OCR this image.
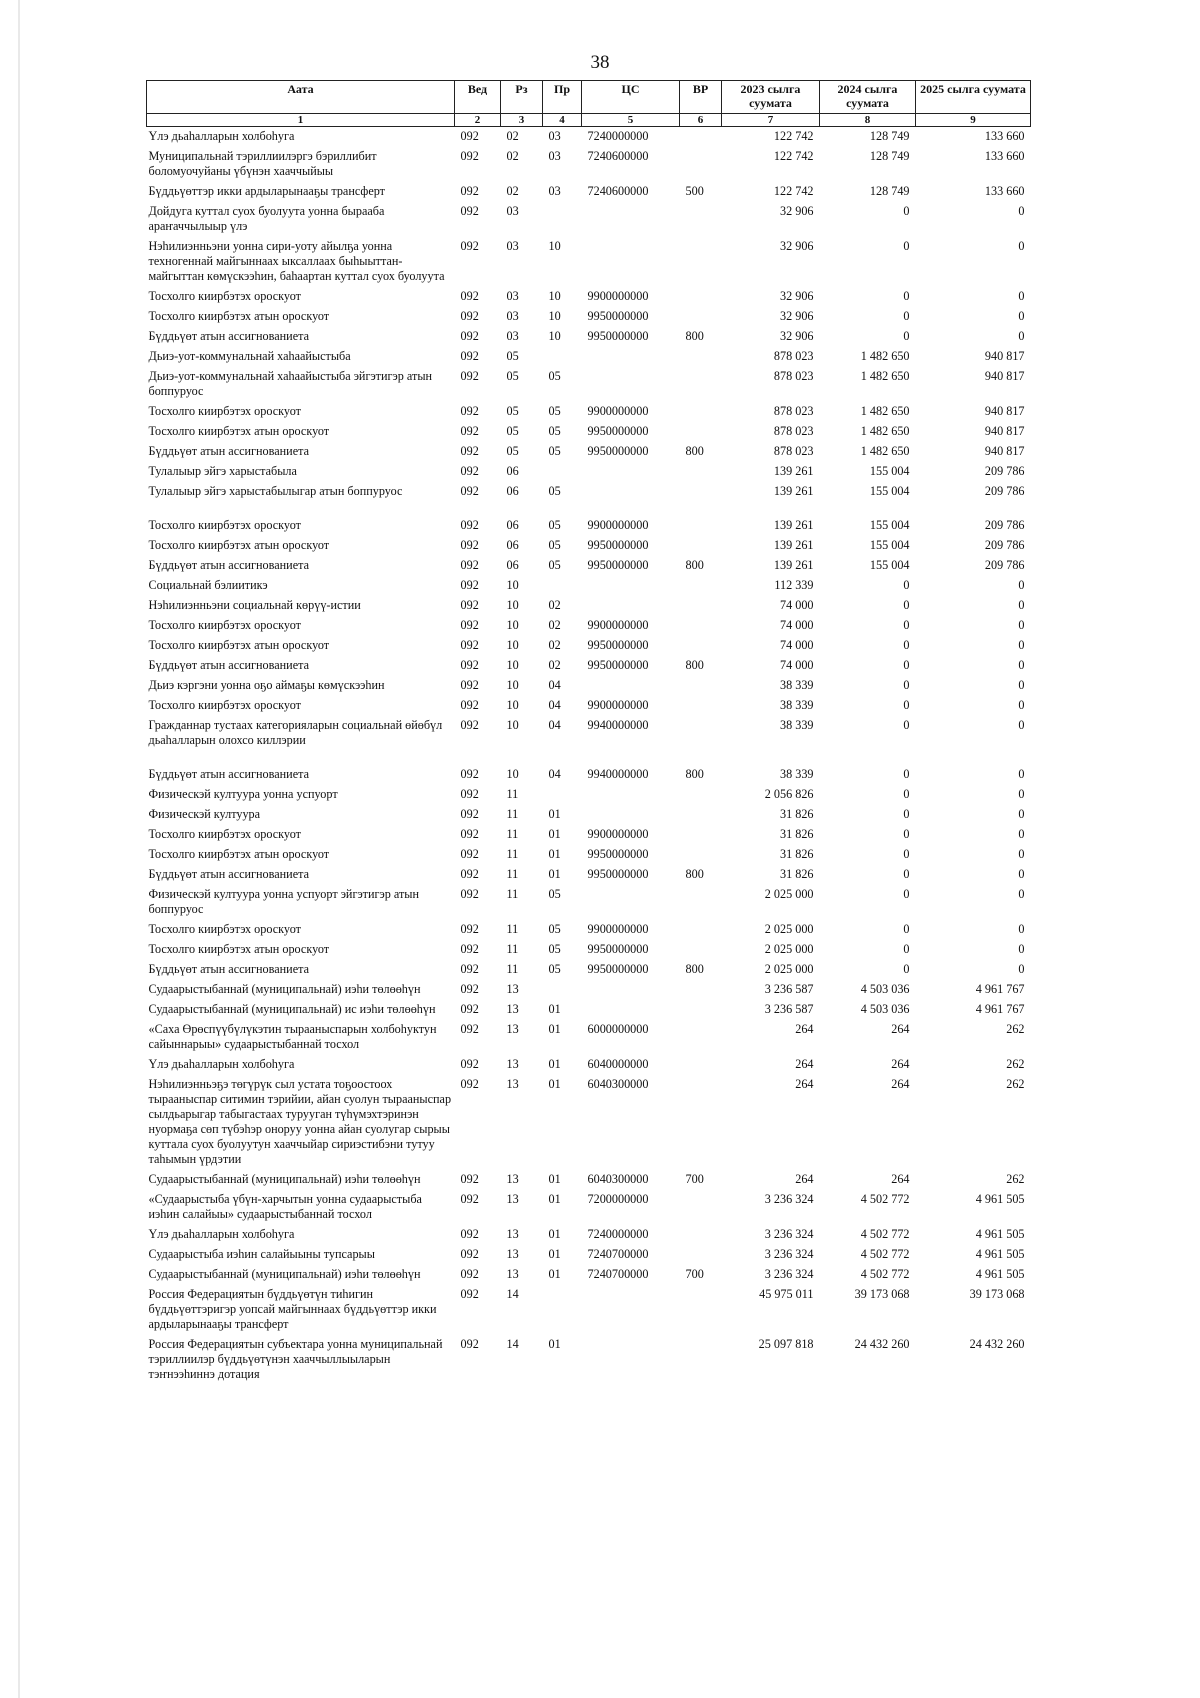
38
Аата	Вед	Рз	Пр	ЦС	ВР	2023 сылга суумата	2024 сылга суумата	2025 сылга суумата
1	2	3	4	5	6	7	8	9
Үлэ дьаһалларын холбоһуга	092	02	03	7240000000		122 742	128 749	133 660
Муниципальнай тэриллиилэргэ бэриллибит боломуочуйаны үбүнэн хааччыйыы	092	02	03	7240600000		122 742	128 749	133 660
Бүддьүөттэр икки ардыларынааҕы трансферт	092	02	03	7240600000	500	122 742	128 749	133 660
Дойдуга куттал суох буолуута уонна бырааба араҥаччылыыр үлэ	092	03				32 906	0	0
Нэһилиэнньэни уонна сири-уоту айылҕа уонна техногеннай майгыннаах ыксаллаах быһыыттан-майгыттан көмүскээһин, баһаартан куттал суох буолуута	092	03	10			32 906	0	0
Тосхолго киирбэтэх ороскуот	092	03	10	9900000000		32 906	0	0
Тосхолго киирбэтэх атын ороскуот	092	03	10	9950000000		32 906	0	0
Бүддьүөт атын ассигнованиета	092	03	10	9950000000	800	32 906	0	0
Дьиэ-уот-коммунальнай хаһаайыстыба	092	05				878 023	1 482 650	940 817
Дьиэ-уот-коммунальнай хаһаайыстыба эйгэтигэр атын боппуруос	092	05	05			878 023	1 482 650	940 817
Тосхолго киирбэтэх ороскуот	092	05	05	9900000000		878 023	1 482 650	940 817
Тосхолго киирбэтэх атын ороскуот	092	05	05	9950000000		878 023	1 482 650	940 817
Бүддьүөт атын ассигнованиета	092	05	05	9950000000	800	878 023	1 482 650	940 817
Тулалыыр эйгэ харыстабыла	092	06				139 261	155 004	209 786
Тулалыыр эйгэ харыстабылыгар атын боппуруос	092	06	05			139 261	155 004	209 786

Тосхолго киирбэтэх ороскуот	092	06	05	9900000000		139 261	155 004	209 786
Тосхолго киирбэтэх атын ороскуот	092	06	05	9950000000		139 261	155 004	209 786
Бүддьүөт атын ассигнованиета	092	06	05	9950000000	800	139 261	155 004	209 786
Социальнай бэлиитикэ	092	10				112 339	0	0
Нэһилиэнньэни социальнай көрүү-истии	092	10	02			74 000	0	0
Тосхолго киирбэтэх ороскуот	092	10	02	9900000000		74 000	0	0
Тосхолго киирбэтэх атын ороскуот	092	10	02	9950000000		74 000	0	0
Бүддьүөт атын ассигнованиета	092	10	02	9950000000	800	74 000	0	0
Дьиэ кэргэни уонна оҕо аймаҕы көмүскээһин	092	10	04			38 339	0	0
Тосхолго киирбэтэх ороскуот	092	10	04	9900000000		38 339	0	0
Гражданнар тустаах категорияларын социальнай өйөбүл дьаһалларын олохсо киллэрии	092	10	04	9940000000		38 339	0	0

Бүддьүөт атын ассигнованиета	092	10	04	9940000000	800	38 339	0	0
Физическэй култуура уонна успуорт	092	11				2 056 826	0	0
Физическэй култуура	092	11	01			31 826	0	0
Тосхолго киирбэтэх ороскуот	092	11	01	9900000000		31 826	0	0
Тосхолго киирбэтэх атын ороскуот	092	11	01	9950000000		31 826	0	0
Бүддьүөт атын ассигнованиета	092	11	01	9950000000	800	31 826	0	0
Физическэй култуура уонна успуорт эйгэтигэр атын боппуруос	092	11	05			2 025 000	0	0
Тосхолго киирбэтэх ороскуот	092	11	05	9900000000		2 025 000	0	0
Тосхолго киирбэтэх атын ороскуот	092	11	05	9950000000		2 025 000	0	0
Бүддьүөт атын ассигнованиета	092	11	05	9950000000	800	2 025 000	0	0
Судаарыстыбаннай (муниципальнай) иэһи төлөөһүн	092	13				3 236 587	4 503 036	4 961 767
Судаарыстыбаннай (муниципальнай) ис иэһи төлөөһүн	092	13	01			3 236 587	4 503 036	4 961 767
«Саха Өрөспүүбүлүкэтин тырааныспарын холбоһуктун сайыннарыы» судаарыстыбаннай тосхол	092	13	01	6000000000		264	264	262
Үлэ дьаһалларын холбоһуга	092	13	01	6040000000		264	264	262
Нэһилиэнньэҕэ төгүрүк сыл устата тоҕоостоох тырааныспар ситимин тэрийии, айан суолун тырааныспар сылдьарыгар табыгастаах турууган түһүмэхтэринэн нуормаҕа сөп түбэһэр оноруу уонна айан суолугар сырыы куттала суох буолуутун хааччыйар сириэстибэни тутуу таһымын үрдэтии	092	13	01	6040300000		264	264	262
Судаарыстыбаннай (муниципальнай) иэһи төлөөһүн	092	13	01	6040300000	700	264	264	262
«Судаарыстыба үбүн-харчытын уонна судаарыстыба иэһин салайыы» судаарыстыбаннай тосхол	092	13	01	7200000000		3 236 324	4 502 772	4 961 505
Үлэ дьаһалларын холбоһуга	092	13	01	7240000000		3 236 324	4 502 772	4 961 505
Судаарыстыба иэһин салайыыны тупсарыы	092	13	01	7240700000		3 236 324	4 502 772	4 961 505
Судаарыстыбаннай (муниципальнай) иэһи төлөөһүн	092	13	01	7240700000	700	3 236 324	4 502 772	4 961 505
Россия Федерациятын бүддьүөтүн тиһигин бүддьүөттэригэр уопсай майгыннаах бүддьүөттэр икки ардыларынааҕы трансферт	092	14				45 975 011	39 173 068	39 173 068
Россия Федерациятын субъектара уонна муниципальнай тэриллиилэр бүддьүөтүнэн хааччыллыыларын тэҥнээһиннэ дотация	092	14	01			25 097 818	24 432 260	24 432 260
